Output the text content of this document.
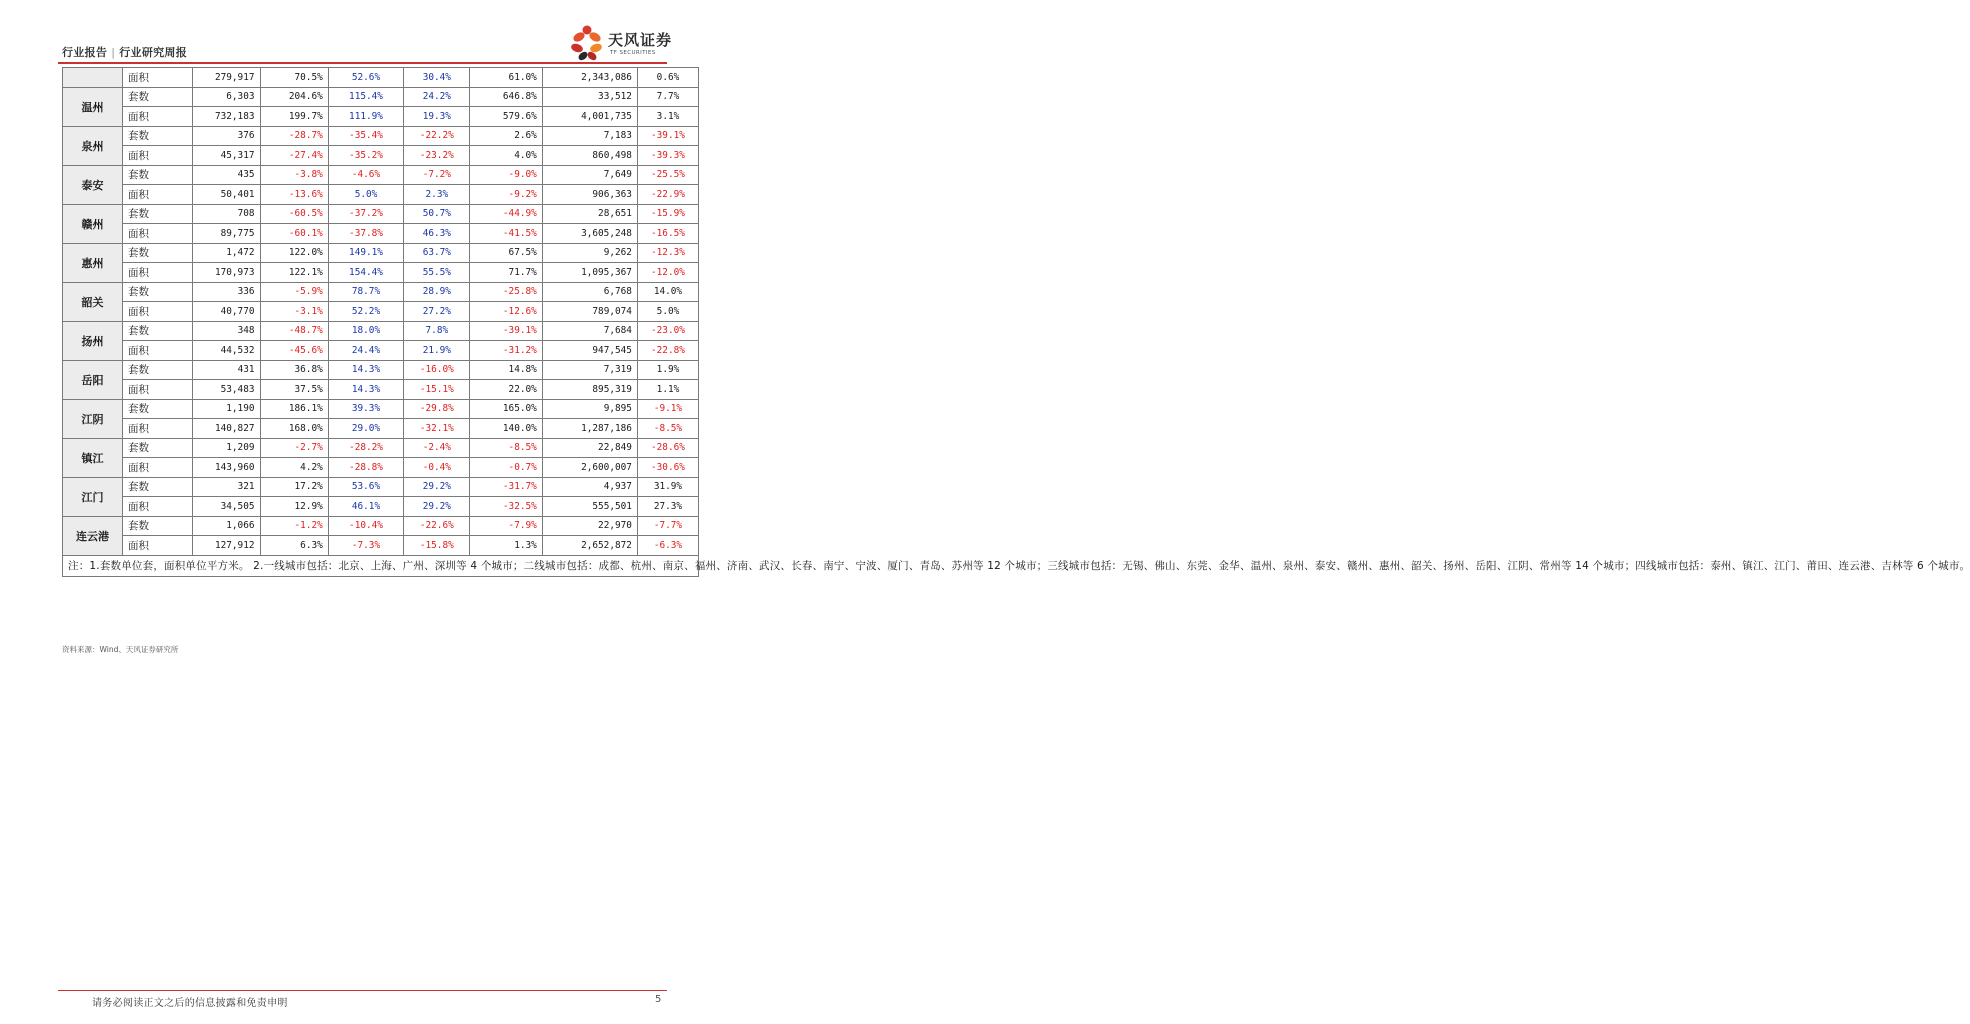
行业报告 | 行业研究周报
天风证券
TF SECURITIES
	面积	279,917	70.5%	52.6%	30.4%	61.0%	2,343,086	0.6%
温州	套数	6,303	204.6%	115.4%	24.2%	646.8%	33,512	7.7%
	面积	732,183	199.7%	111.9%	19.3%	579.6%	4,001,735	3.1%
泉州	套数	376	-28.7%	-35.4%	-22.2%	2.6%	7,183	-39.1%
	面积	45,317	-27.4%	-35.2%	-23.2%	4.0%	860,498	-39.3%
泰安	套数	435	-3.8%	-4.6%	-7.2%	-9.0%	7,649	-25.5%
	面积	50,401	-13.6%	5.0%	2.3%	-9.2%	906,363	-22.9%
赣州	套数	708	-60.5%	-37.2%	50.7%	-44.9%	28,651	-15.9%
	面积	89,775	-60.1%	-37.8%	46.3%	-41.5%	3,605,248	-16.5%
惠州	套数	1,472	122.0%	149.1%	63.7%	67.5%	9,262	-12.3%
	面积	170,973	122.1%	154.4%	55.5%	71.7%	1,095,367	-12.0%
韶关	套数	336	-5.9%	78.7%	28.9%	-25.8%	6,768	14.0%
	面积	40,770	-3.1%	52.2%	27.2%	-12.6%	789,074	5.0%
扬州	套数	348	-48.7%	18.0%	7.8%	-39.1%	7,684	-23.0%
	面积	44,532	-45.6%	24.4%	21.9%	-31.2%	947,545	-22.8%
岳阳	套数	431	36.8%	14.3%	-16.0%	14.8%	7,319	1.9%
	面积	53,483	37.5%	14.3%	-15.1%	22.0%	895,319	1.1%
江阴	套数	1,190	186.1%	39.3%	-29.8%	165.0%	9,895	-9.1%
	面积	140,827	168.0%	29.0%	-32.1%	140.0%	1,287,186	-8.5%
镇江	套数	1,209	-2.7%	-28.2%	-2.4%	-8.5%	22,849	-28.6%
	面积	143,960	4.2%	-28.8%	-0.4%	-0.7%	2,600,007	-30.6%
江门	套数	321	17.2%	53.6%	29.2%	-31.7%	4,937	31.9%
	面积	34,505	12.9%	46.1%	29.2%	-32.5%	555,501	27.3%
连云港	套数	1,066	-1.2%	-10.4%	-22.6%	-7.9%	22,970	-7.7%
	面积	127,912	6.3%	-7.3%	-15.8%	1.3%	2,652,872	-6.3%
注：1.套数单位套，面积单位平方米。 2.一线城市包括：北京、上海、广州、深圳等 4 个城市；二线城市包括：成都、杭州、南京、福州、济南、武汉、长春、南宁、宁波、厦门、青岛、苏州等 12 个城市；三线城市包括：无锡、佛山、东莞、金华、温州、泉州、泰安、赣州、惠州、韶关、扬州、岳阳、江阴、常州等 14 个城市；四线城市包括：泰州、镇江、江门、莆田、连云港、吉林等 6 个城市。								
资料来源：Wind、天风证券研究所
请务必阅读正文之后的信息披露和免责申明	5
